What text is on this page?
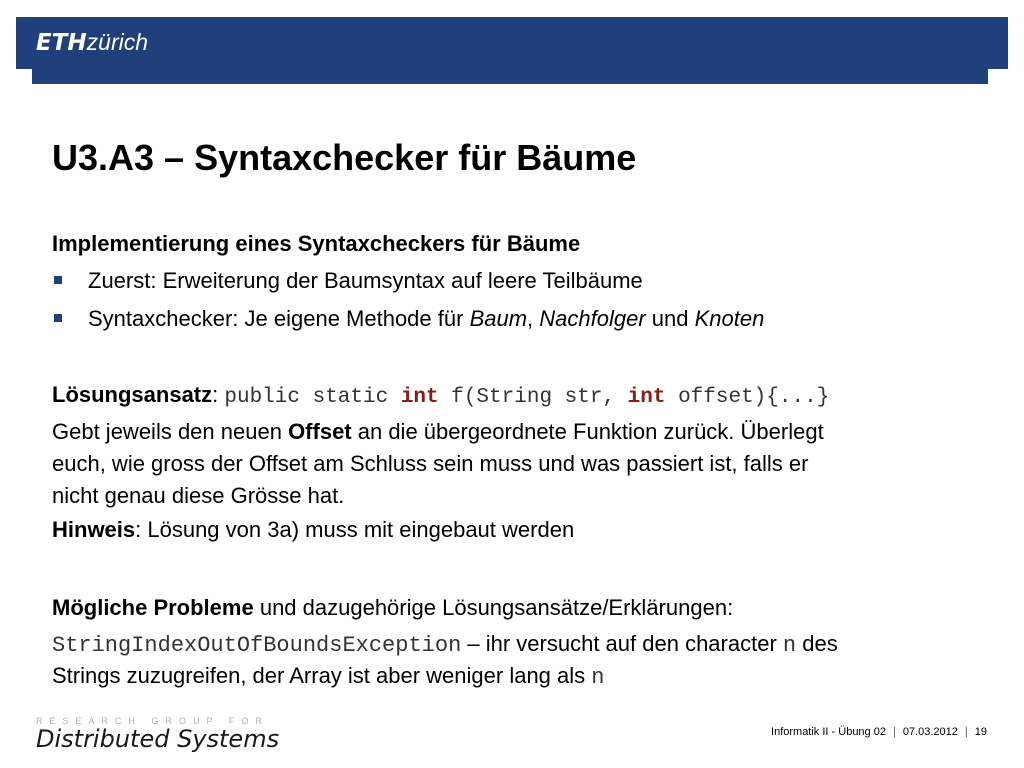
ETHzürich
U3.A3 – Syntaxchecker für Bäume

Implementierung eines Syntaxcheckers für Bäume

Zuerst: Erweiterung der Baumsyntax auf leere Teilbäume
Syntaxchecker: Je eigene Methode für Baum, Nachfolger und Knoten

Lösungsansatz: public static int f(String str, int offset){...}

Gebt jeweils den neuen Offset an die übergeordnete Funktion zurück. Überlegt

euch, wie gross der Offset am Schluss sein muss und was passiert ist, falls er

nicht genau diese Grösse hat.

Hinweis: Lösung von 3a) muss mit eingebaut werden

Mögliche Probleme und dazugehörige Lösungsansätze/Erklärungen:

StringIndexOutOfBoundsException – ihr versucht auf den character n des

Strings zuzugreifen, der Array ist aber weniger lang als n

RESEARCH GROUP FOR
Distributed Systems	Informatik II - Übung 02 | 07.03.2012 | 19
